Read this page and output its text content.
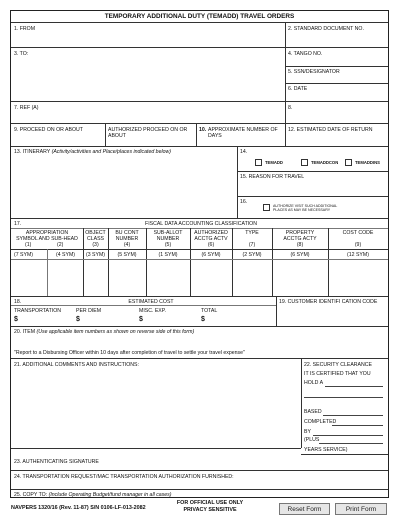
TEMPORARY ADDITIONAL DUTY (TEMADD) TRAVEL ORDERS
1. FROM	2. STANDARD DOCUMENT NO.
3. TO:	4. TANGO NO.
5. SSN/DESIGNATOR
6. DATE
7. REF (A)	8.
9. PROCEED ON OR ABOUT	AUTHORIZED PROCEED ON OR
ABOUT
10. APPROXIMATE NUMBER OF
DAYS
12. ESTIMATED DATE OF RETURN
13. ITINERARY (Activity/activities and Place/places indicated below)	14.
TEMADD	TEMADDCON	TEMADDINS
15. REASON FOR TRAVEL
16.
AUTHORIZE VISIT SUCH ADDITIONAL
PLACES AS MAY BE NECESSARY
17.	FISCAL DATA ACCOUNTING CLASSIFICATION
APPROPRIATION
SYMBOL AND SUB-HEAD
(1)	(2)
OBJECT
CLASS
(3)
BU CONT
NUMBER
(4)
SUB-ALLOT
NUMBER
(5)
AUTHORIZED
ACCTG ACTV
(6)
TYPE

(7)
PROPERTY
ACCTG ACTY
(8)
COST CODE

(9)
(7 SYM)	(4 SYM)	(3 SYM)	(5 SYM)	(1 SYM)	(6 SYM)	(2 SYM)	(6 SYM)	(12 SYM)
18.	ESTIMATED COST	19. CUSTOMER IDENTIFI CATION CODE
TRANSPORTATION	PER DIEM	MISC. EXP.	TOTAL
$	$	$	$
20. ITEM (Use applicable item numbers as shown on reverse side of this form)
"Report to a Disbursing Officer within 10 days after completion of travel to settle your travel expense"
21. ADDITIONAL COMMENTS AND INSTRUCTIONS:	22. SECURITY CLEARANCE
IT IS CERTIFIED THAT YOU
HOLD A
BASED
COMPLETED
BY
(PLUS
YEARS SERVICE)
23. AUTHENTICATING SIGNATURE
24. TRANSPORTATION REQUEST/MAC TRANSPORTATION AUTHORIZATION FURNISHED:
25. COPY TO: (Include Operating Budget/fund manager in all cases)
NAVPERS 1320/16 (Rev. 11-87) S/N 0106-LF-013-2082
FOR OFFICIAL USE ONLY
PRIVACY SENSITIVE	Reset Form	Print Form
